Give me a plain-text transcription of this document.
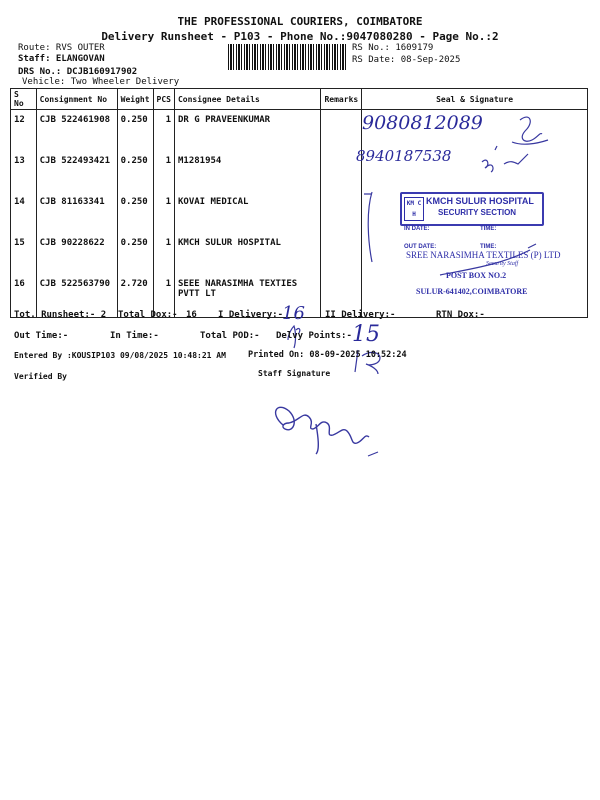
THE PROFESSIONAL COURIERS, COIMBATORE
Delivery Runsheet - P103 - Phone No.:9047080280 - Page No.:2
Route: RVS OUTER
Staff: ELANGOVAN
DRS No.: DCJB160917902
Vehicle: Two Wheeler Delivery
RS No.: 1609179
RS Date: 08-Sep-2025
S No	Consignment No	Weight	PCS	Consignee Details	Remarks	Seal & Signature
12	CJB 522461908	0.250	1	DR G PRAVEENKUMAR		
13	CJB 522493421	0.250	1	M1281954		
14	CJB 81163341	0.250	1	KOVAI MEDICAL		
15	CJB 90228622	0.250	1	KMCH SULUR HOSPITAL		
16	CJB 522563790	2.720	1	SEEE NARASIMHA TEXTIES PVTT LT		
9080812089
8940187538
KM CH
KMCH SULUR HOSPITAL
SECURITY SECTION
IN DATE:	TIME:
OUT DATE:	TIME:
SREE NARASIMHA TEXTILES (P) LTD
Security Staff
POST BOX NO.2
SULUR-641402,COIMBATORE
Tot. Runsheet:- 2 Total Dox:- 16 I Delivery:-	II Delivery:-	RTN Dox:-
16
15
Out Time:-	In Time:-	Total POD:- Delvy Points:-
Entered By :KOUSIP103 09/08/2025 10:48:21 AM	Printed On: 08-09-2025 10:52:24
Verified By	Staff Signature
